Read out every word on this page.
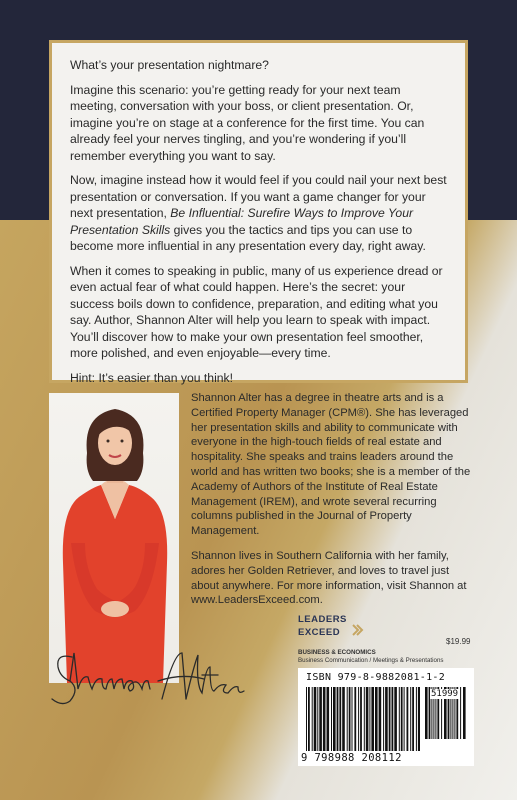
What’s your presentation nightmare?

Imagine this scenario: you’re getting ready for your next team meeting, conversation with your boss, or client presentation. Or, imagine you’re on stage at a conference for the first time. You can already feel your nerves tingling, and you’re wondering if you’ll remember everything you want to say.

Now, imagine instead how it would feel if you could nail your next best presentation or conversation. If you want a game changer for your next presentation, Be Influential: Surefire Ways to Improve Your Presentation Skills gives you the tactics and tips you can use to become more influential in any presentation every day, right away.

When it comes to speaking in public, many of us experience dread or even actual fear of what could happen. Here’s the secret: your success boils down to confidence, preparation, and editing what you say. Author, Shannon Alter will help you learn to speak with impact. You’ll discover how to make your own presentation feel smoother, more polished, and even enjoyable—every time.

Hint: It’s easier than you think!

Shannon Alter has a degree in theatre arts and is a Certified Property Manager (CPM®). She has leveraged her presentation skills and ability to communicate with everyone in the high-touch fields of real estate and hospitality. She speaks and trains leaders around the world and has written two books; she is a member of the Academy of Authors of the Institute of Real Estate Management (IREM), and wrote several recurring columns published in the Journal of Property Management.

Shannon lives in Southern California with her family, adores her Golden Retriever, and loves to travel just about anywhere. For more information, visit Shannon at www.LeadersExceed.com.

LEADERS
EXCEED
$19.99
BUSINESS & ECONOMICS
Business Communication / Meetings & Presentations
ISBN 979-8-9882081-1-2
51999
9 798988 208112
